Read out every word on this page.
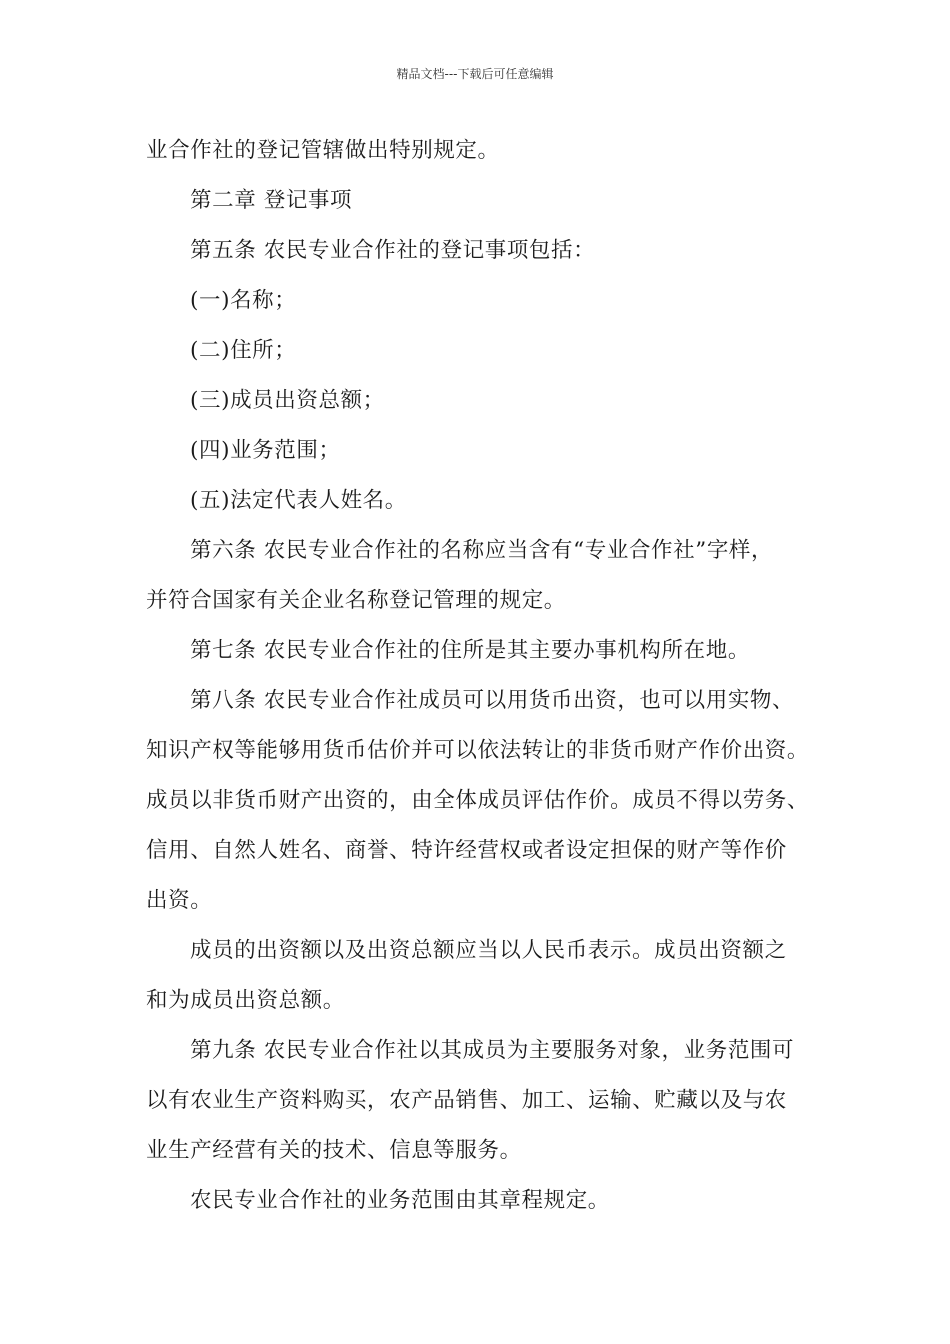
精品文档---下载后可任意编辑
业合作社的登记管辖做出特别规定。
第二章 登记事项
第五条 农民专业合作社的登记事项包括：
(一)名称；
(二)住所；
(三)成员出资总额；
(四)业务范围；
(五)法定代表人姓名。
第六条 农民专业合作社的名称应当含有“专业合作社”字样，
并符合国家有关企业名称登记管理的规定。
第七条 农民专业合作社的住所是其主要办事机构所在地。
第八条 农民专业合作社成员可以用货币出资，也可以用实物、
知识产权等能够用货币估价并可以依法转让的非货币财产作价出资。
成员以非货币财产出资的，由全体成员评估作价。成员不得以劳务、
信用、自然人姓名、商誉、特许经营权或者设定担保的财产等作价
出资。
成员的出资额以及出资总额应当以人民币表示。成员出资额之
和为成员出资总额。
第九条 农民专业合作社以其成员为主要服务对象，业务范围可
以有农业生产资料购买，农产品销售、加工、运输、贮藏以及与农
业生产经营有关的技术、信息等服务。
农民专业合作社的业务范围由其章程规定。
